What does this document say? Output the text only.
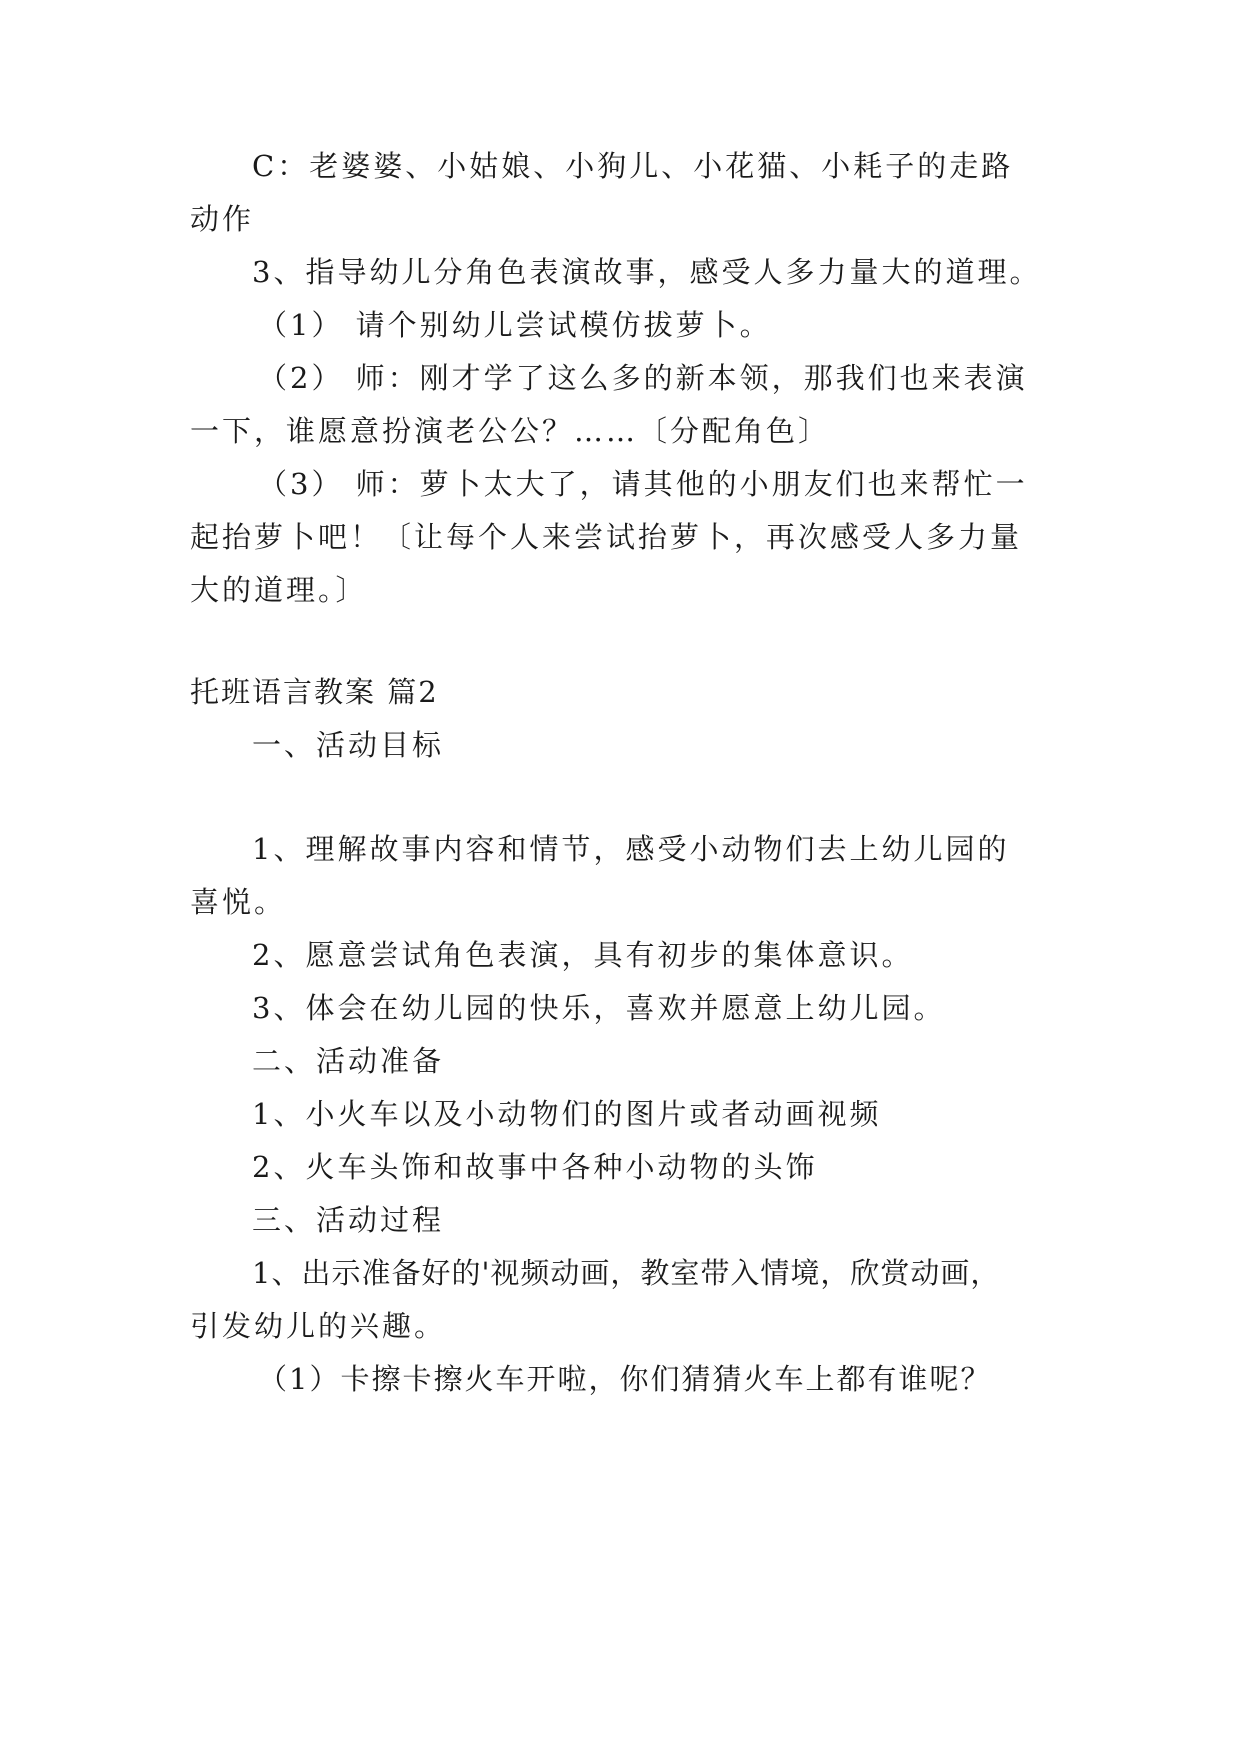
C：老婆婆、小姑娘、小狗儿、小花猫、小耗子的走路
动作
3、指导幼儿分角色表演故事，感受人多力量大的道理。
（1） 请个别幼儿尝试模仿拔萝卜。
（2） 师：刚才学了这么多的新本领，那我们也来表演
一下，谁愿意扮演老公公？……〔分配角色〕
（3） 师：萝卜太大了，请其他的小朋友们也来帮忙一
起抬萝卜吧！〔让每个人来尝试抬萝卜，再次感受人多力量
大的道理。〕
托班语言教案 篇2
一、活动目标
1、理解故事内容和情节，感受小动物们去上幼儿园的
喜悦。
2、愿意尝试角色表演，具有初步的集体意识。
3、体会在幼儿园的快乐，喜欢并愿意上幼儿园。
二、活动准备
1、小火车以及小动物们的图片或者动画视频
2、火车头饰和故事中各种小动物的头饰
三、活动过程
1、出示准备好的'视频动画，教室带入情境，欣赏动画，
引发幼儿的兴趣。
（1）卡擦卡擦火车开啦，你们猜猜火车上都有谁呢？
